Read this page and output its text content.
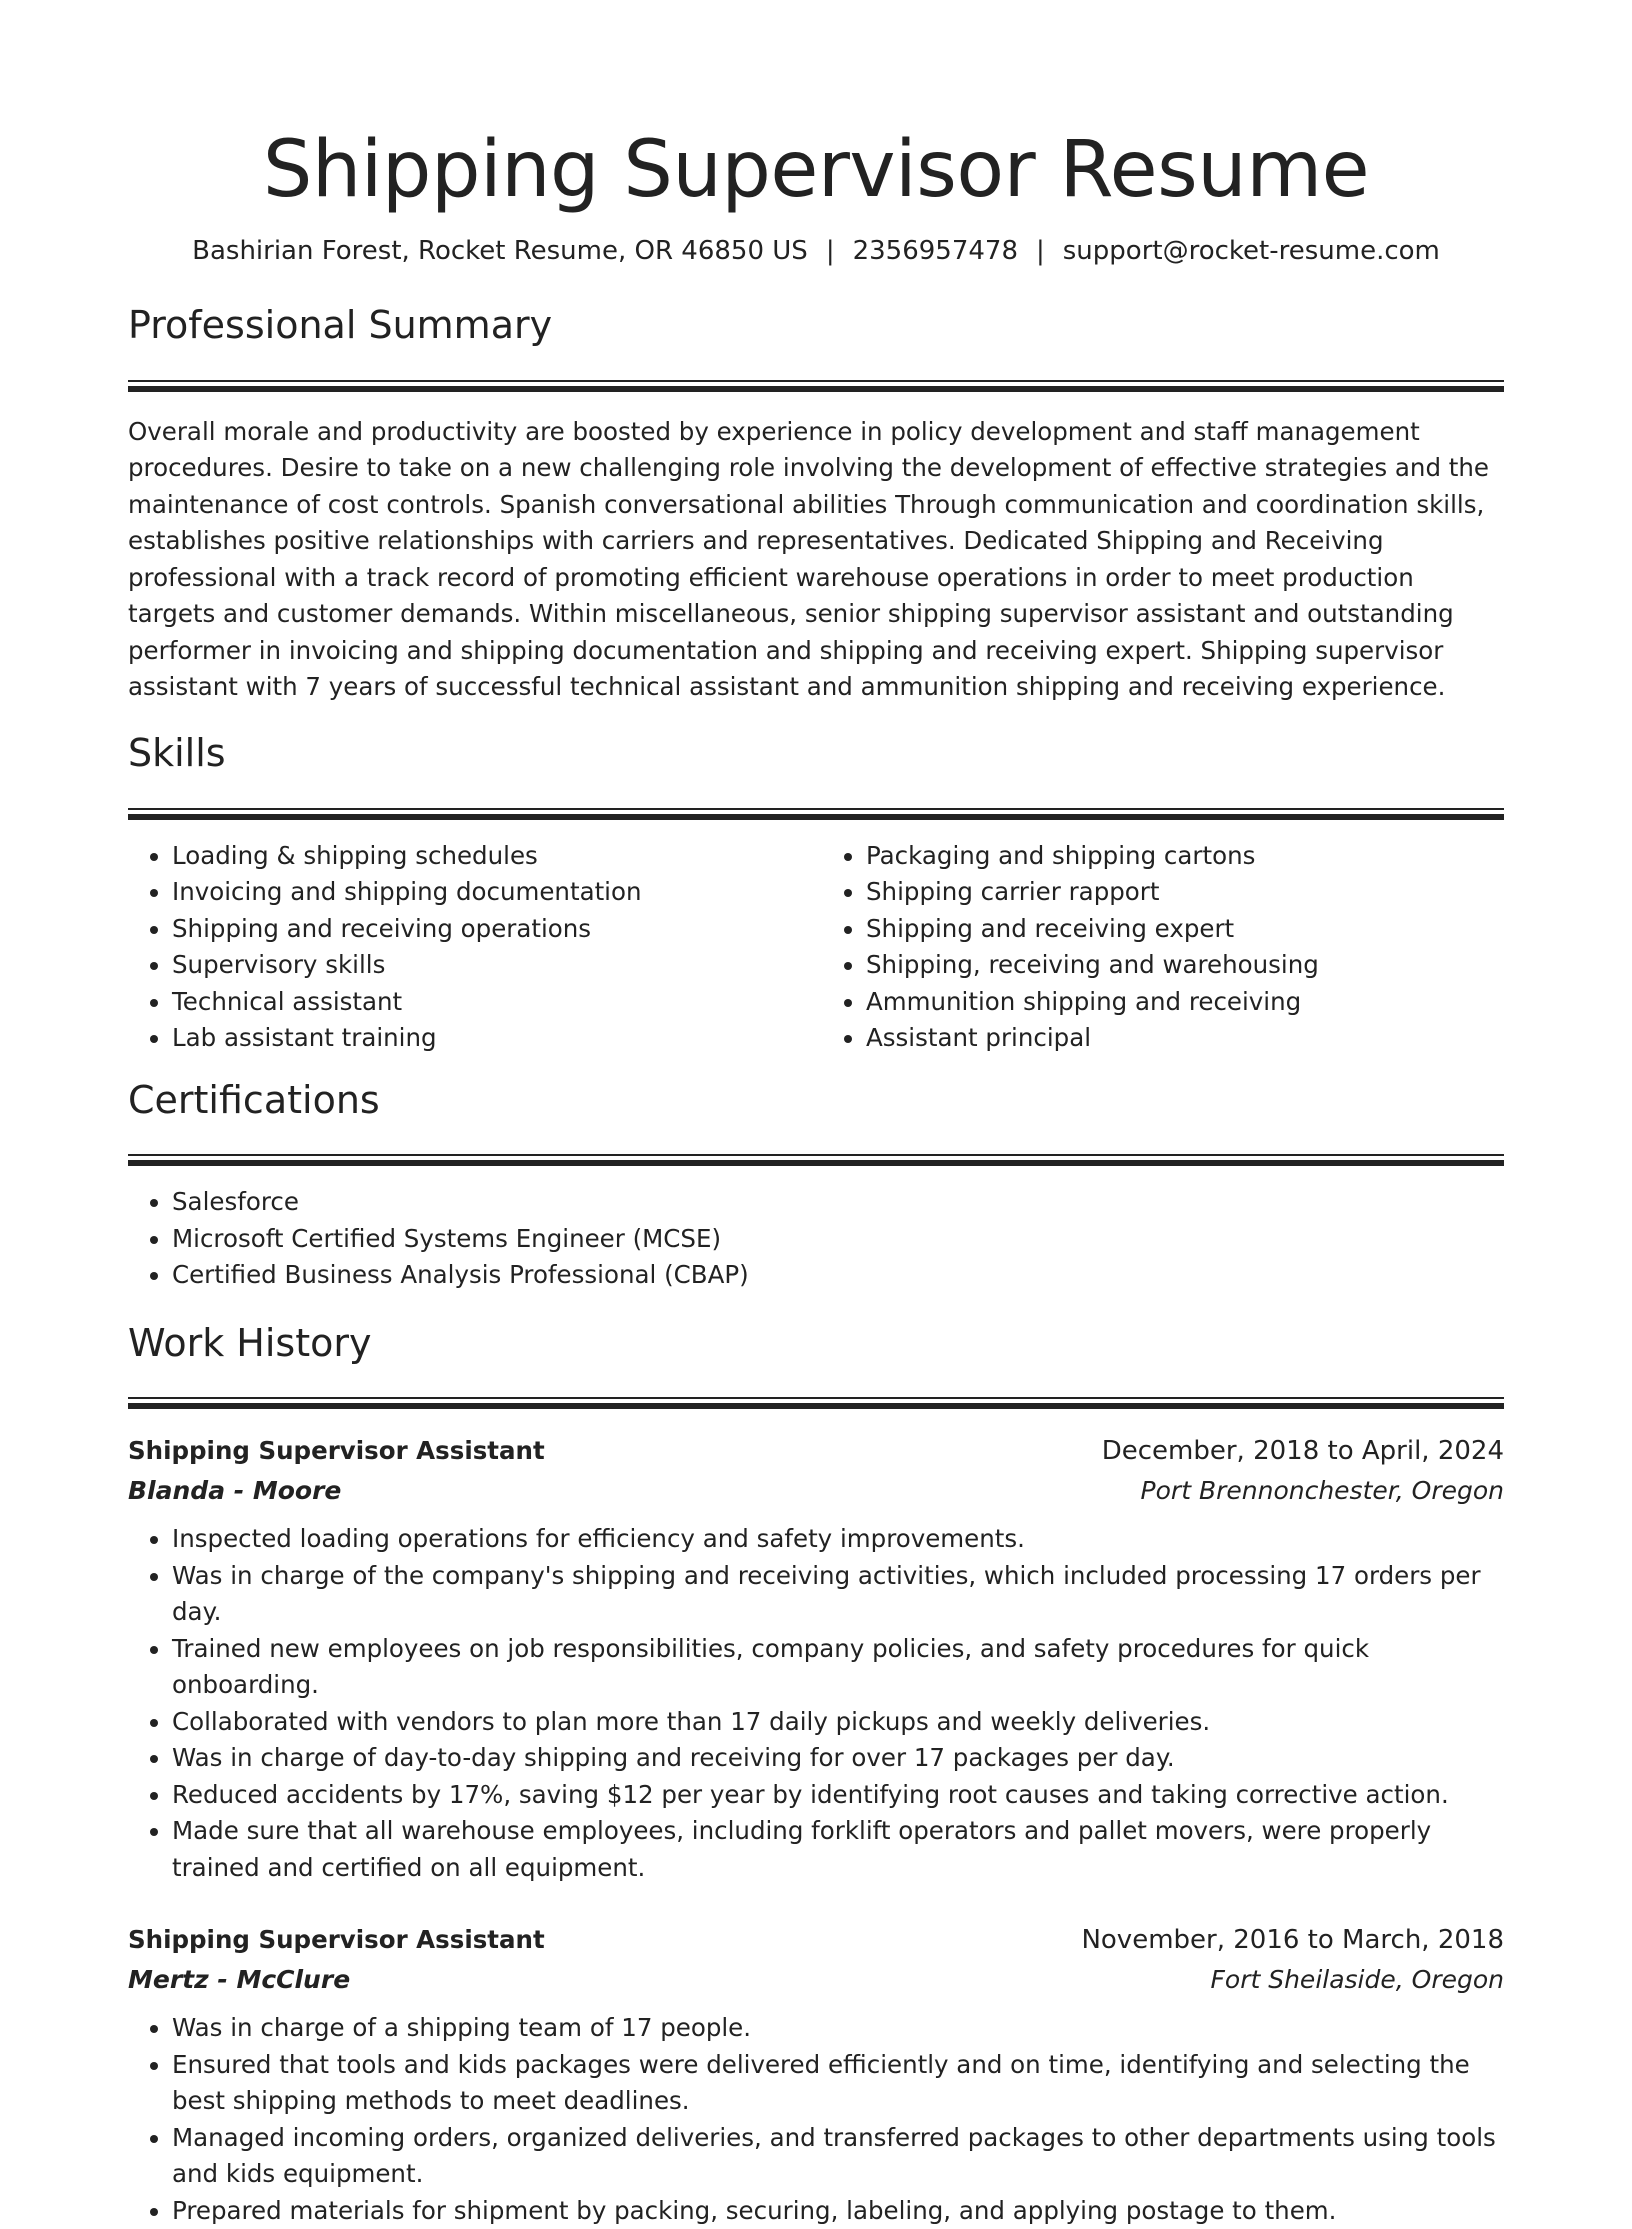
Shipping Supervisor Resume
Bashirian Forest, Rocket Resume, OR 46850 US | 2356957478 | support@rocket-resume.com
Professional Summary

Overall morale and productivity are boosted by experience in policy development and staff management procedures. Desire to take on a new challenging role involving the development of effective strategies and the maintenance of cost controls. Spanish conversational abilities Through communication and coordination skills, establishes positive relationships with carriers and representatives. Dedicated Shipping and Receiving professional with a track record of promoting efficient warehouse operations in order to meet production targets and customer demands. Within miscellaneous, senior shipping supervisor assistant and outstanding performer in invoicing and shipping documentation and shipping and receiving expert. Shipping supervisor assistant with 7 years of successful technical assistant and ammunition shipping and receiving experience.

Skills
• Loading & shipping schedules
• Invoicing and shipping documentation
• Shipping and receiving operations
• Supervisory skills
• Technical assistant
• Lab assistant training
• Packaging and shipping cartons
• Shipping carrier rapport
• Shipping and receiving expert
• Shipping, receiving and warehousing
• Ammunition shipping and receiving
• Assistant principal
Certifications
• Salesforce
• Microsoft Certified Systems Engineer (MCSE)
• Certified Business Analysis Professional (CBAP)
Work History
Shipping Supervisor Assistant	December, 2018 to April, 2024
Blanda - Moore	Port Brennonchester, Oregon
• Inspected loading operations for efficiency and safety improvements.
• Was in charge of the company's shipping and receiving activities, which included processing 17 orders per day.
• Trained new employees on job responsibilities, company policies, and safety procedures for quick onboarding.
• Collaborated with vendors to plan more than 17 daily pickups and weekly deliveries.
• Was in charge of day-to-day shipping and receiving for over 17 packages per day.
• Reduced accidents by 17%, saving $12 per year by identifying root causes and taking corrective action.
• Made sure that all warehouse employees, including forklift operators and pallet movers, were properly trained and certified on all equipment.
Shipping Supervisor Assistant	November, 2016 to March, 2018
Mertz - McClure	Fort Sheilaside, Oregon
• Was in charge of a shipping team of 17 people.
• Ensured that tools and kids packages were delivered efficiently and on time, identifying and selecting the best shipping methods to meet deadlines.
• Managed incoming orders, organized deliveries, and transferred packages to other departments using tools and kids equipment.
• Prepared materials for shipment by packing, securing, labeling, and applying postage to them.
